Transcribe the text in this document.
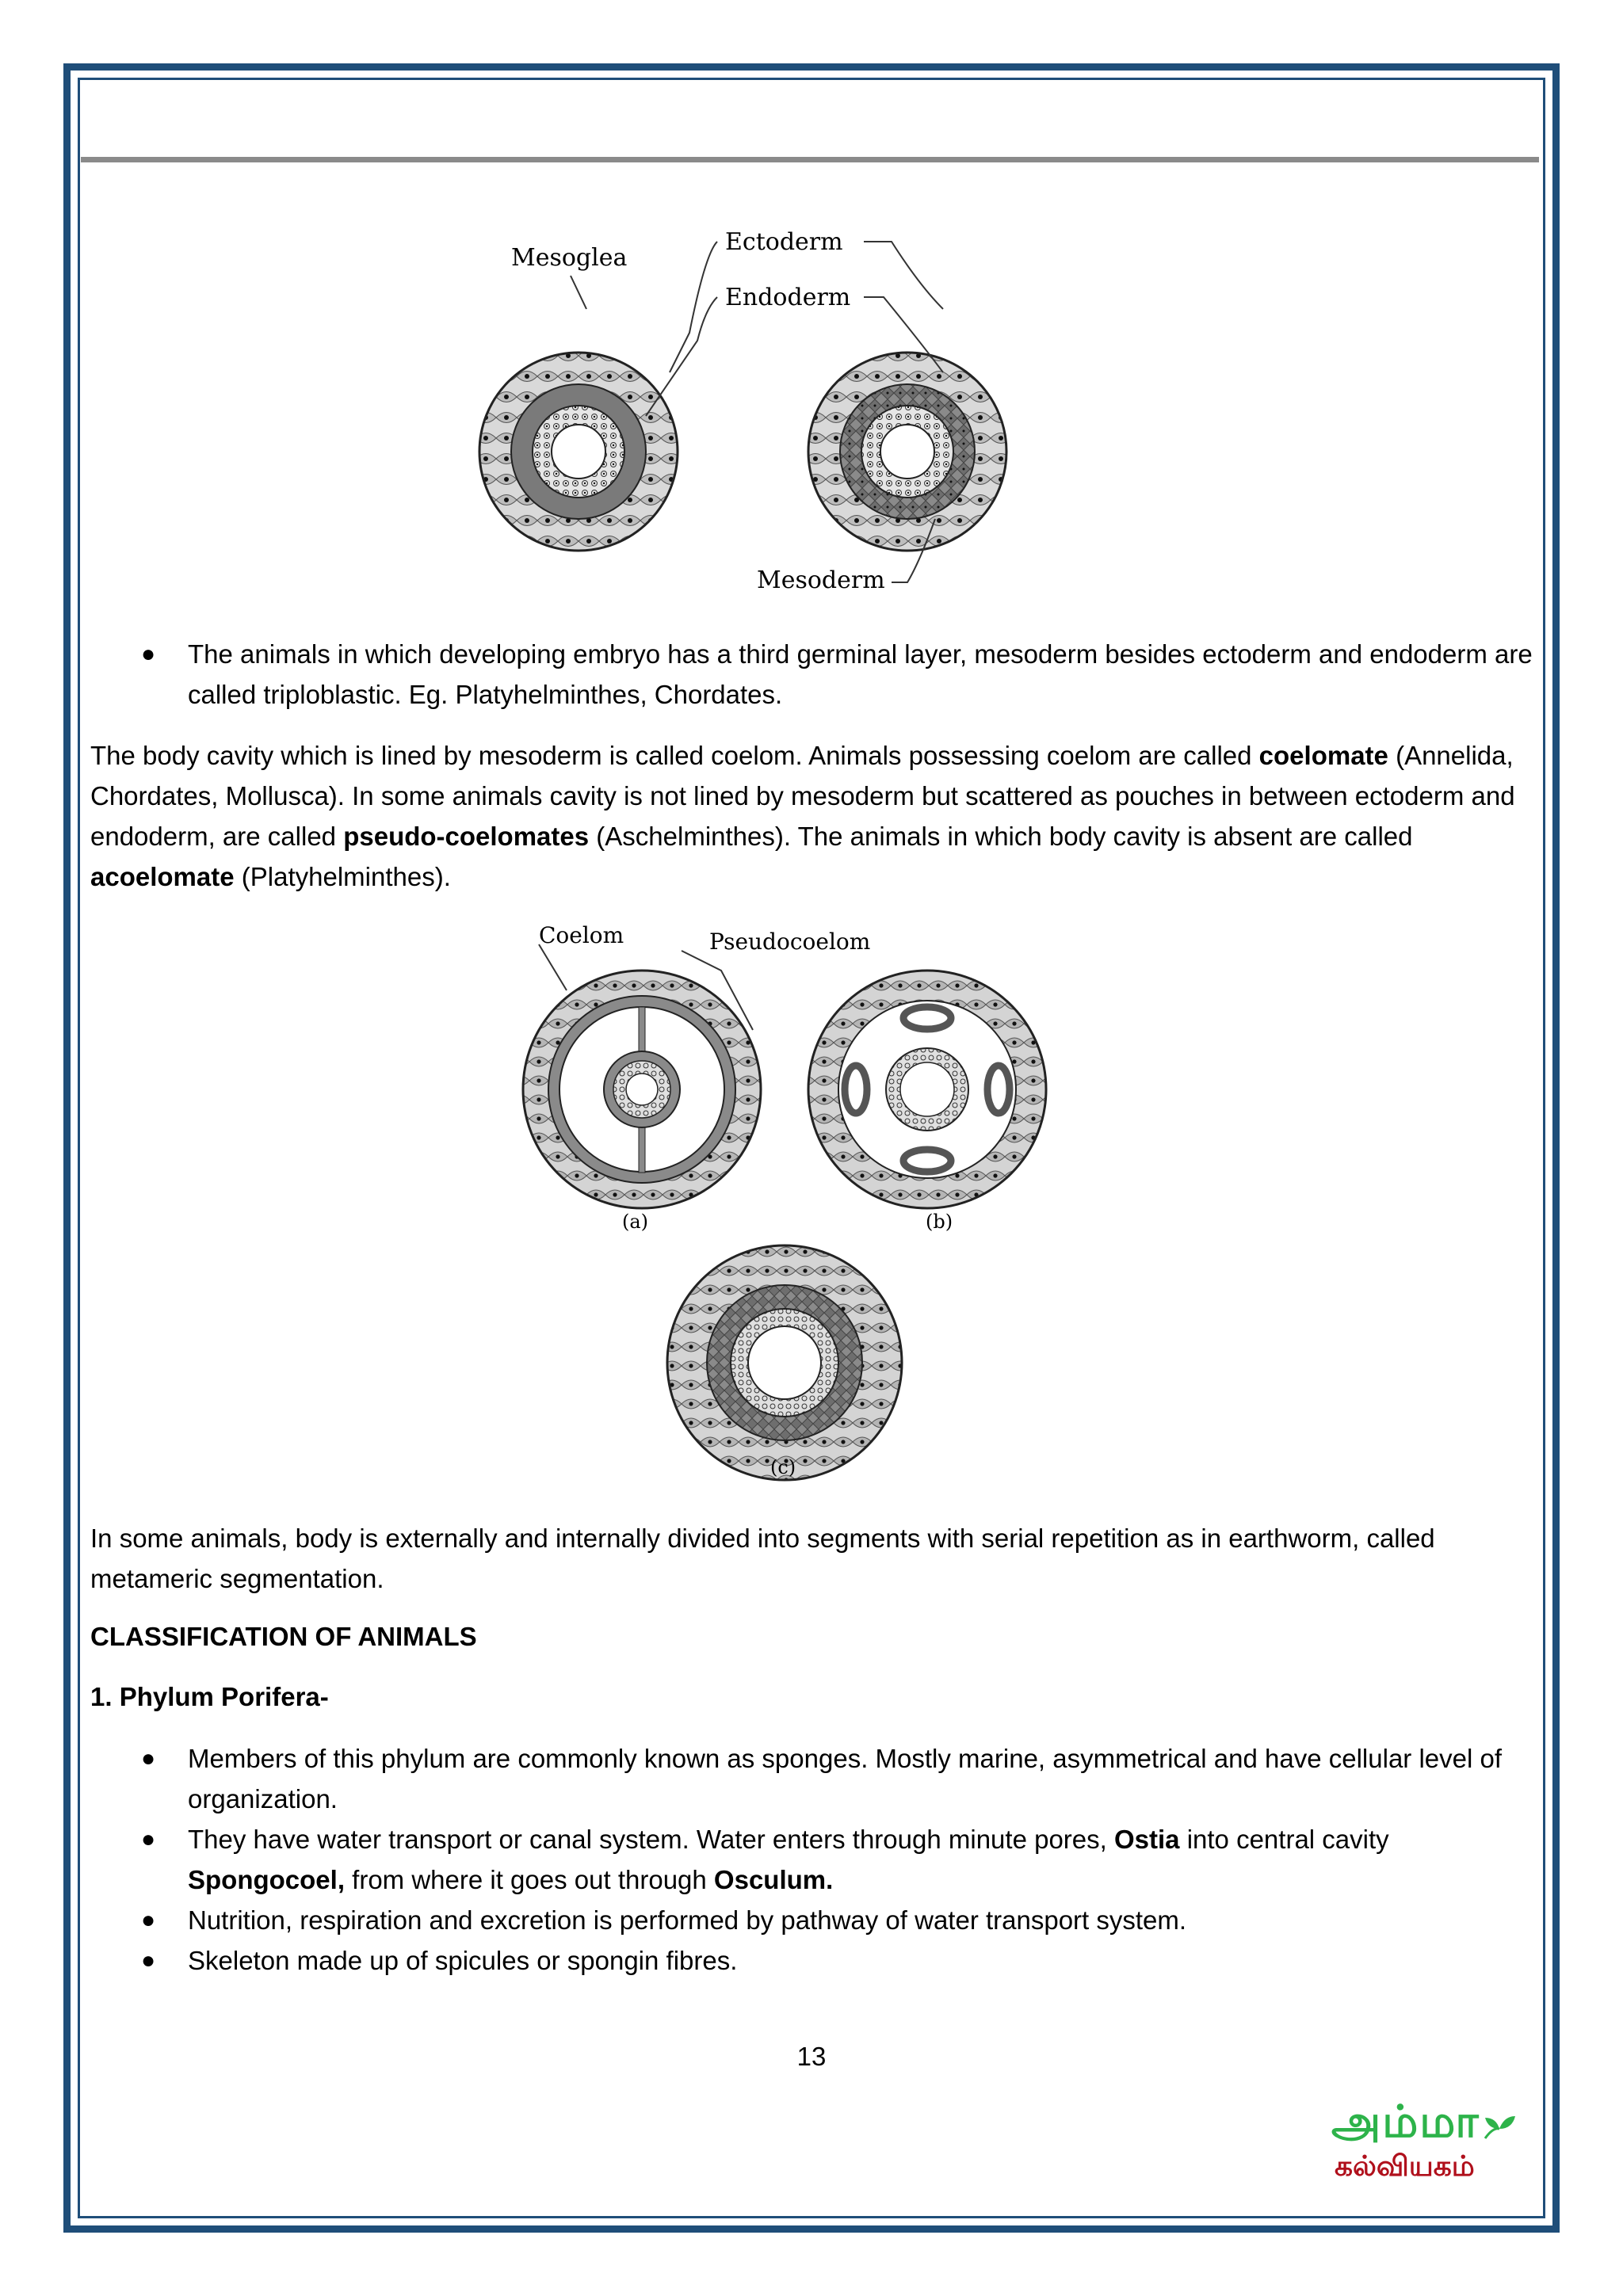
Mesoglea
Ectoderm
Endoderm
Mesoderm
● The animals in which developing embryo has a third germinal layer, mesoderm besides ectoderm and endoderm are called triploblastic. Eg. Platyhelminthes, Chordates.
The body cavity which is lined by mesoderm is called coelom. Animals possessing coelom are called coelomate (Annelida, Chordates, Mollusca). In some animals cavity is not lined by mesoderm but scattered as pouches in between ectoderm and endoderm, are called pseudo-coelomates (Aschelminthes). The animals in which body cavity is absent are called acoelomate (Platyhelminthes).
Coelom	Pseudocoelom
(a)	(b)
(c)
In some animals, body is externally and internally divided into segments with serial repetition as in earthworm, called metameric segmentation.
CLASSIFICATION OF ANIMALS
1. Phylum Porifera-
● Members of this phylum are commonly known as sponges. Mostly marine, asymmetrical and have cellular level of organization.
● They have water transport or canal system. Water enters through minute pores, Ostia into central cavity Spongocoel, from where it goes out through Osculum.
● Nutrition, respiration and excretion is performed by pathway of water transport system.
● Skeleton made up of spicules or spongin fibres.
13
அம்மா
கல்வியகம்
